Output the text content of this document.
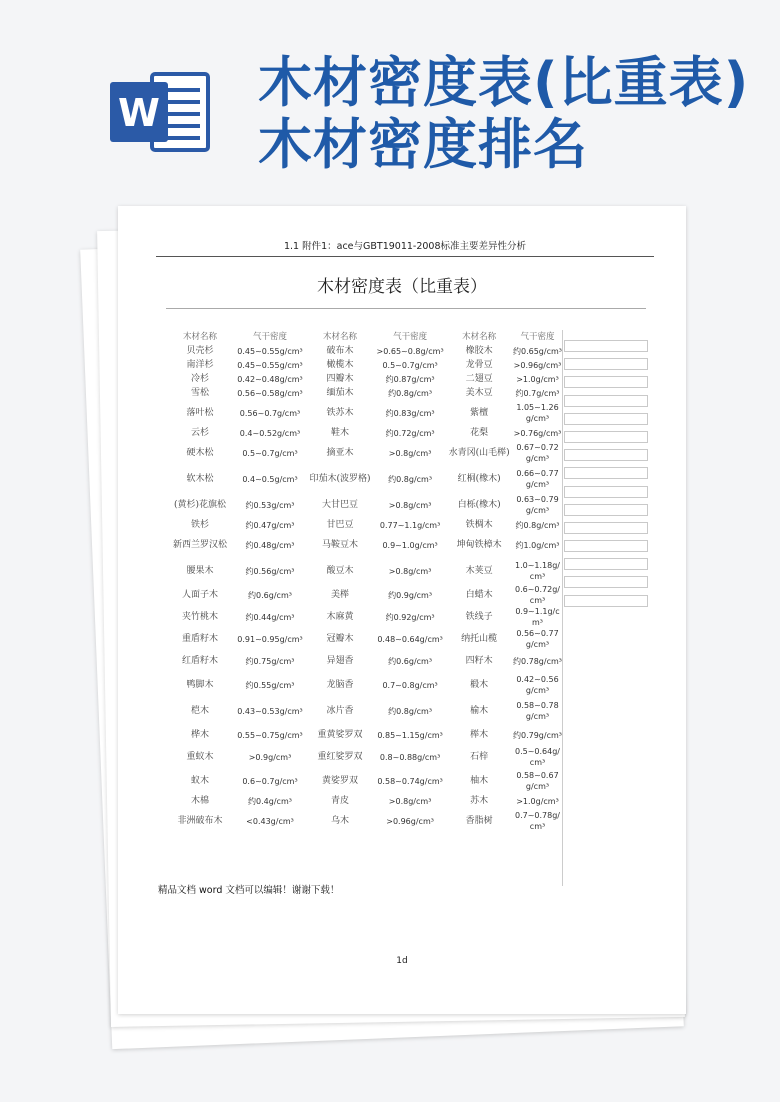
W 木材密度表(比重表)木材密度排名
1.1 附件1：ace与GBT19011-2008标准主要差异性分析
木材密度表（比重表）
木材名称	气干密度	木材名称	气干密度	木材名称	气干密度
贝壳杉	0.45~0.55g/cm³	破布木	>0.65~0.8g/cm³	橡胶木	约0.65g/cm³
南洋杉	0.45~0.55g/cm³	橄榄木	0.5~0.7g/cm³	龙骨豆	>0.96g/cm³
冷杉	0.42~0.48g/cm³	四瓣木	约0.87g/cm³	二翅豆	>1.0g/cm³
雪松	0.56~0.58g/cm³	缅茄木	约0.8g/cm³	美木豆	约0.7g/cm³
落叶松	0.56~0.7g/cm³	铁苏木	约0.83g/cm³	紫檀	1.05~1.26g/cm³
云杉	0.4~0.52g/cm³	鞋木	约0.72g/cm³	花梨	>0.76g/cm³
硬木松	0.5~0.7g/cm³	摘亚木	>0.8g/cm³	水青冈(山毛榉)	0.67~0.72g/cm³
软木松	0.4~0.5g/cm³	印茄木(波罗格)	约0.8g/cm³	红桐(橡木)	0.66~0.77g/cm³
(黄杉)花旗松	约0.53g/cm³	大甘巴豆	>0.8g/cm³	白栎(橡木)	0.63~0.79g/cm³
铁杉	约0.47g/cm³	甘巴豆	0.77~1.1g/cm³	铁椆木	约0.8g/cm³
新西兰罗汉松	约0.48g/cm³	马鞍豆木	0.9~1.0g/cm³	坤甸铁樟木	约1.0g/cm³
腰果木	约0.56g/cm³	酸豆木	>0.8g/cm³	木荚豆	1.0~1.18g/cm³
人面子木	约0.6g/cm³	美榉	约0.9g/cm³	白蜡木	0.6~0.72g/cm³
夹竹桃木	约0.44g/cm³	木麻黄	约0.92g/cm³	铁线子	0.9~1.1g/cm³
重盾籽木	0.91~0.95g/cm³	冠瓣木	0.48~0.64g/cm³	纳托山榄	0.56~0.77g/cm³
红盾籽木	约0.75g/cm³	异翅香	约0.6g/cm³	四籽木	约0.78g/cm³
鸭脚木	约0.55g/cm³	龙脑香	0.7~0.8g/cm³	椴木	0.42~0.56g/cm³
桤木	0.43~0.53g/cm³	冰片香	约0.8g/cm³	榆木	0.58~0.78g/cm³
桦木	0.55~0.75g/cm³	重黄娑罗双	0.85~1.15g/cm³	榉木	约0.79g/cm³
重蚁木	>0.9g/cm³	重红娑罗双	0.8~0.88g/cm³	石梓	0.5~0.64g/cm³
蚁木	0.6~0.7g/cm³	黄娑罗双	0.58~0.74g/cm³	柚木	0.58~0.67g/cm³
木棉	约0.4g/cm³	青皮	>0.8g/cm³	苏木	>1.0g/cm³
非洲破布木	<0.43g/cm³	乌木	>0.96g/cm³	香脂树	0.7~0.78g/cm³
精品文档 word 文档可以编辑！谢谢下载！
1d
